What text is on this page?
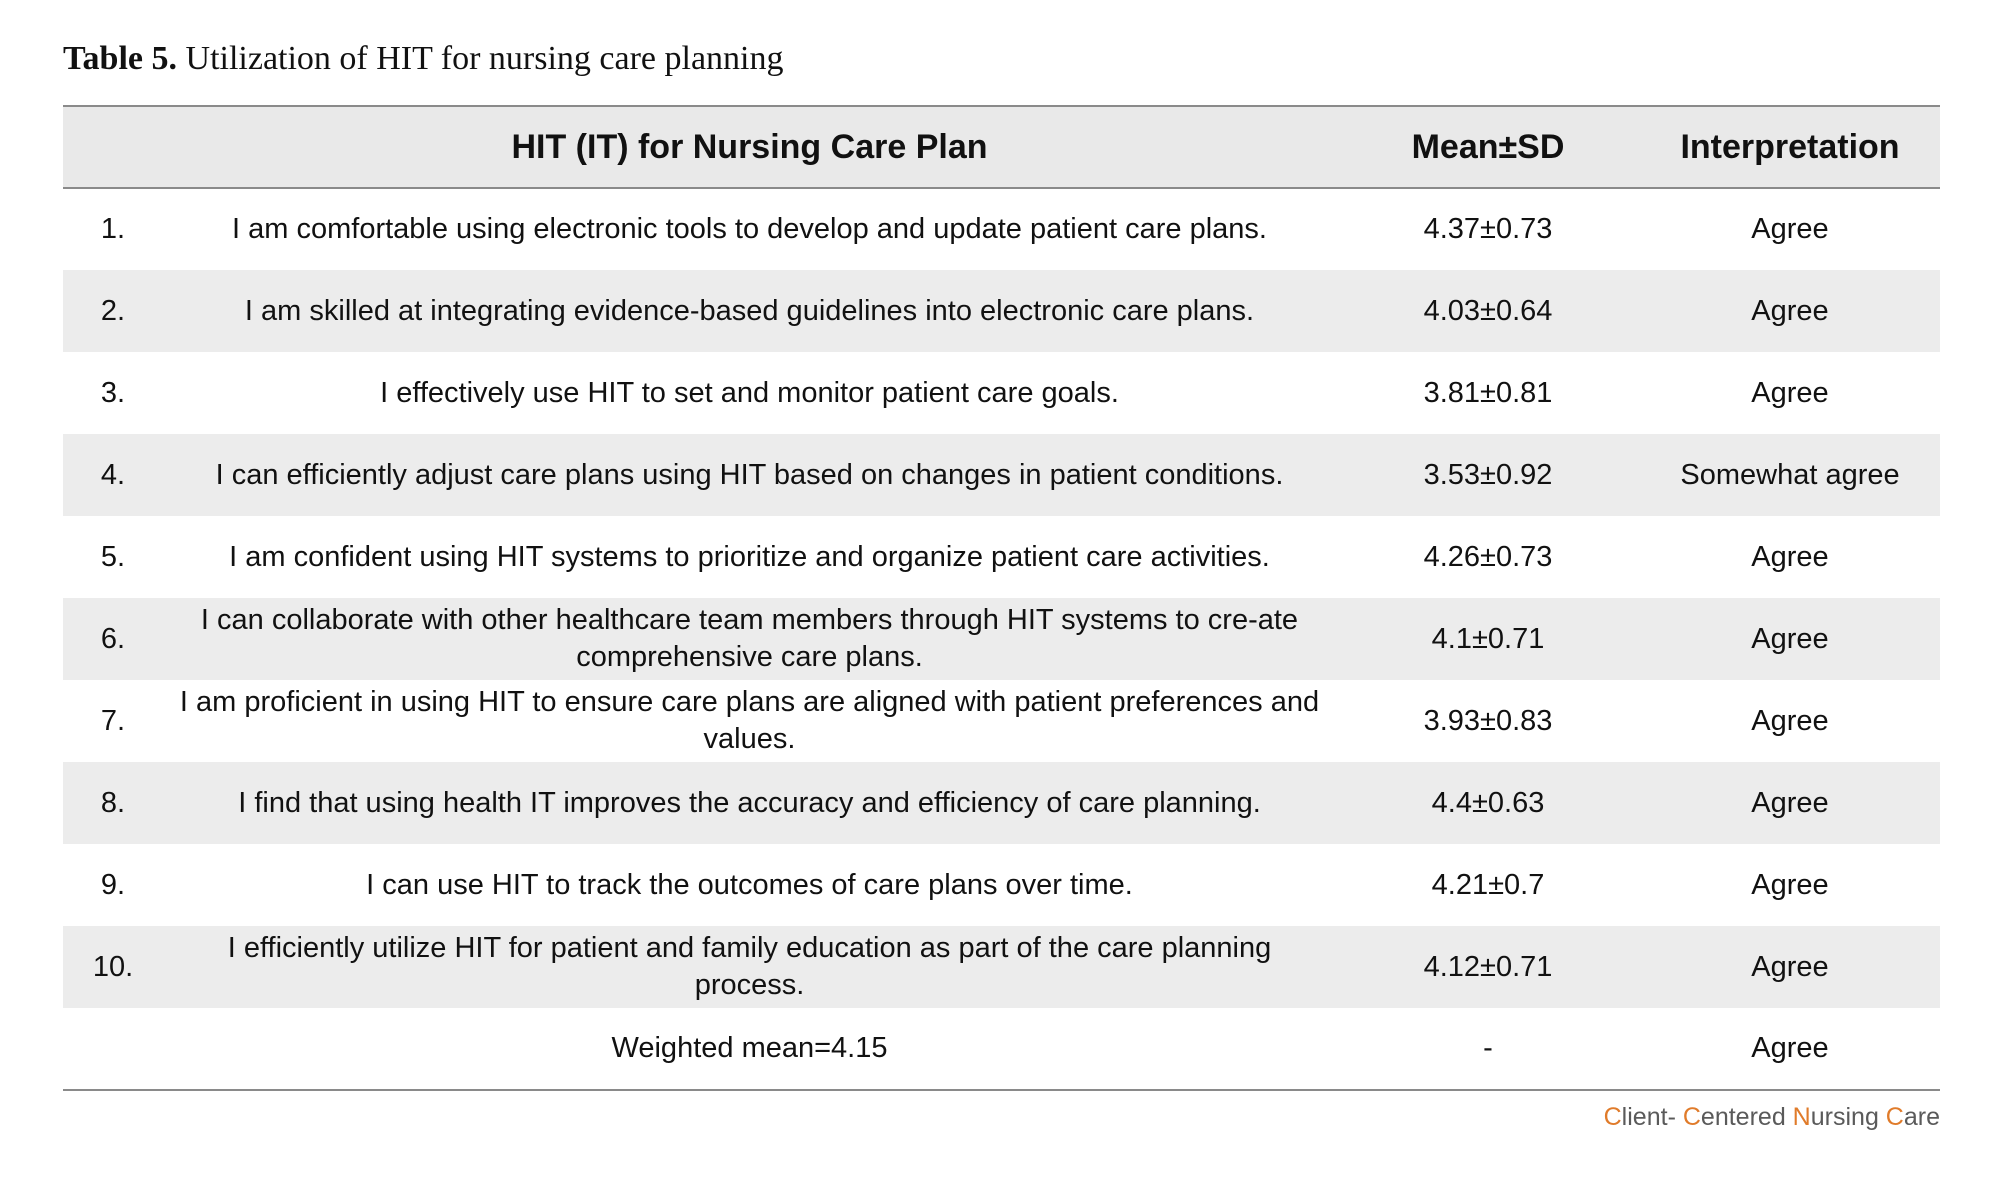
Table 5. Utilization of HIT for nursing care planning
	HIT (IT) for Nursing Care Plan	Mean±SD	Interpretation
1.	I am comfortable using electronic tools to develop and update patient care plans.	4.37±0.73	Agree
2.	I am skilled at integrating evidence-based guidelines into electronic care plans.	4.03±0.64	Agree
3.	I effectively use HIT to set and monitor patient care goals.	3.81±0.81	Agree
4.	I can efficiently adjust care plans using HIT based on changes in patient conditions.	3.53±0.92	Somewhat agree
5.	I am confident using HIT systems to prioritize and organize patient care activities.	4.26±0.73	Agree
6.	I can collaborate with other healthcare team members through HIT systems to cre-ate comprehensive care plans.	4.1±0.71	Agree
7.	I am proficient in using HIT to ensure care plans are aligned with patient preferences and values.	3.93±0.83	Agree
8.	I find that using health IT improves the accuracy and efficiency of care planning.	4.4±0.63	Agree
9.	I can use HIT to track the outcomes of care plans over time.	4.21±0.7	Agree
10.	I efficiently utilize HIT for patient and family education as part of the care planning process.	4.12±0.71	Agree
	Weighted mean=4.15	-	Agree
Client- Centered Nursing Care
